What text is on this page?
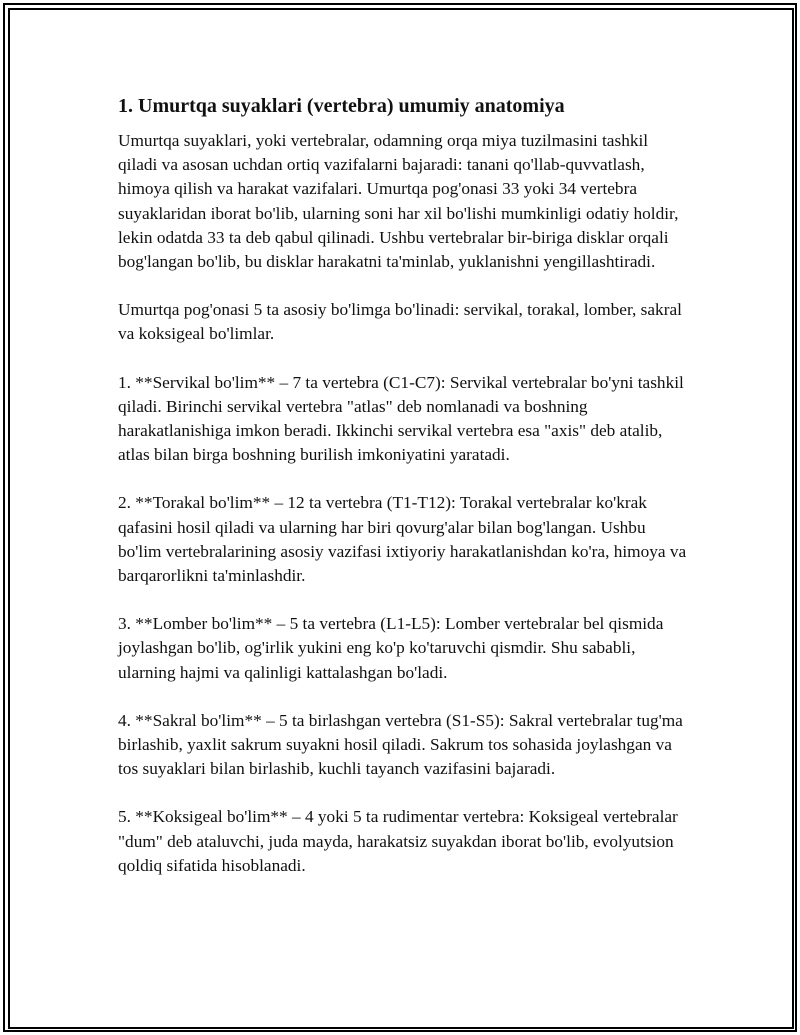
1. Umurtqa suyaklari (vertebra) umumiy anatomiya

Umurtqa suyaklari, yoki vertebralar, odamning orqa miya tuzilmasini tashkil qiladi va asosan uchdan ortiq vazifalarni bajaradi: tanani qo'llab-quvvatlash, himoya qilish va harakat vazifalari. Umurtqa pog'onasi 33 yoki 34 vertebra suyaklaridan iborat bo'lib, ularning soni har xil bo'lishi mumkinligi odatiy holdir, lekin odatda 33 ta deb qabul qilinadi. Ushbu vertebralar bir-biriga disklar orqali bog'langan bo'lib, bu disklar harakatni ta'minlab, yuklanishni yengillashtiradi.

Umurtqa pog'onasi 5 ta asosiy bo'limga bo'linadi: servikal, torakal, lomber, sakral va koksigeal bo'limlar.

1. **Servikal bo'lim** – 7 ta vertebra (C1-C7): Servikal vertebralar bo'yni tashkil qiladi. Birinchi servikal vertebra "atlas" deb nomlanadi va boshning harakatlanishiga imkon beradi. Ikkinchi servikal vertebra esa "axis" deb atalib, atlas bilan birga boshning burilish imkoniyatini yaratadi.

2. **Torakal bo'lim** – 12 ta vertebra (T1-T12): Torakal vertebralar ko'krak qafasini hosil qiladi va ularning har biri qovurg'alar bilan bog'langan. Ushbu bo'lim vertebralarining asosiy vazifasi ixtiyoriy harakatlanishdan ko'ra, himoya va barqarorlikni ta'minlashdir.

3. **Lomber bo'lim** – 5 ta vertebra (L1-L5): Lomber vertebralar bel qismida joylashgan bo'lib, og'irlik yukini eng ko'p ko'taruvchi qismdir. Shu sababli, ularning hajmi va qalinligi kattalashgan bo'ladi.

4. **Sakral bo'lim** – 5 ta birlashgan vertebra (S1-S5): Sakral vertebralar tug'ma birlashib, yaxlit sakrum suyakni hosil qiladi. Sakrum tos sohasida joylashgan va tos suyaklari bilan birlashib, kuchli tayanch vazifasini bajaradi.

5. **Koksigeal bo'lim** – 4 yoki 5 ta rudimentar vertebra: Koksigeal vertebralar "dum" deb ataluvchi, juda mayda, harakatsiz suyakdan iborat bo'lib, evolyutsion qoldiq sifatida hisoblanadi.
